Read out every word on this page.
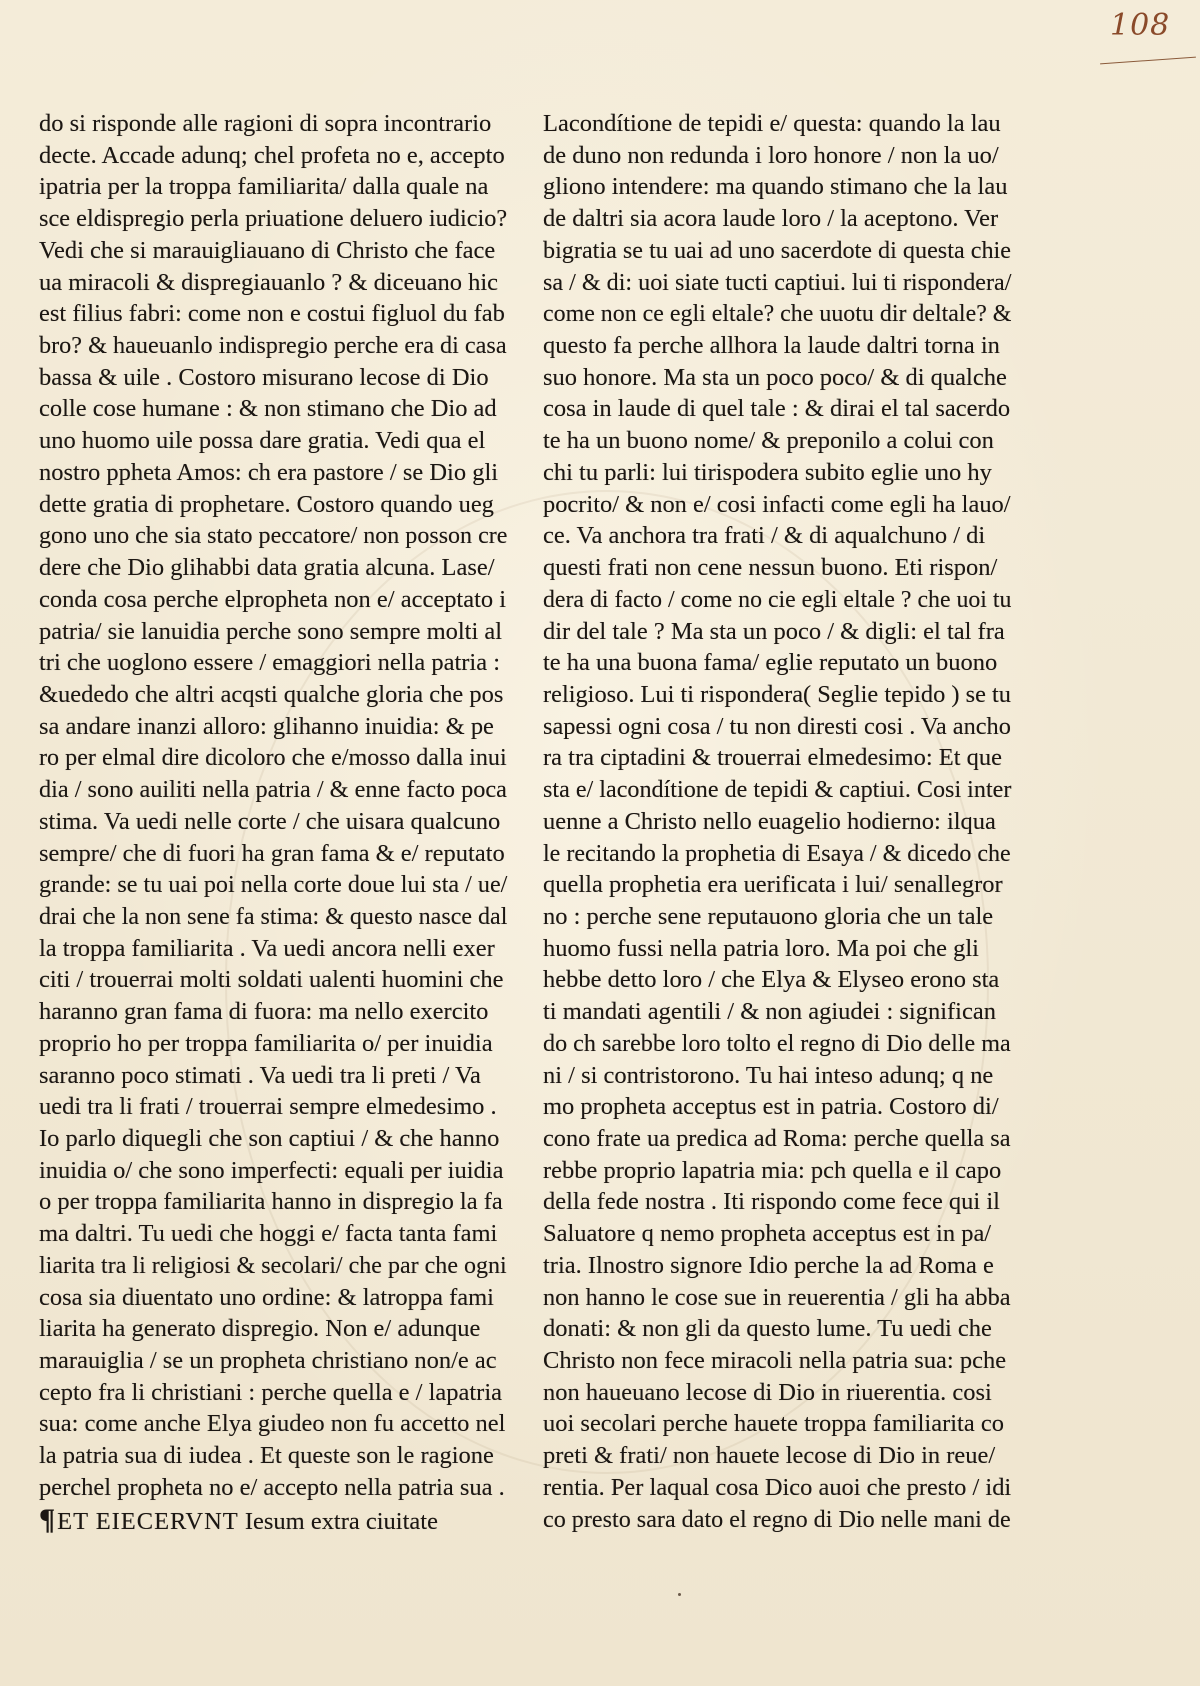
108
do si risponde alle ragioni di sopra incontrario
decte. Accade adunq; chel profeta no e, accepto
ipatria per la troppa familiarita/ dalla quale na
sce eldispregio perla priuatione deluero iudicio?
Vedi che si marauigliauano di Christo che face
ua miracoli & dispregiauanlo ? & diceuano hic
est filius fabri: come non e costui figluol du fab
bro? & haueuanlo indispregio perche era di casa
bassa & uile . Costoro misurano lecose di Dio
colle cose humane : & non stimano che Dio ad
uno huomo uile possa dare gratia. Vedi qua el
nostro ppheta Amos: ch era pastore / se Dio gli
dette gratia di prophetare. Costoro quando ueg
gono uno che sia stato peccatore/ non posson cre
dere che Dio glihabbi data gratia alcuna. Lase/
conda cosa perche elpropheta non e/ acceptato i
patria/ sie lanuidia perche sono sempre molti al
tri che uoglono essere / emaggiori nella patria :
&uededo che altri acqsti qualche gloria che pos
sa andare inanzi alloro: glihanno inuidia: & pe
ro per elmal dire dicoloro che e/mosso dalla inui
dia / sono auiliti nella patria / & enne facto poca
stima. Va uedi nelle corte / che uisara qualcuno
sempre/ che di fuori ha gran fama & e/ reputato
grande: se tu uai poi nella corte doue lui sta / ue/
drai che la non sene fa stima: & questo nasce dal
la troppa familiarita . Va uedi ancora nelli exer
citi / trouerrai molti soldati ualenti huomini che
haranno gran fama di fuora: ma nello exercito
proprio ho per troppa familiarita o/ per inuidia
saranno poco stimati . Va uedi tra li preti / Va
uedi tra li frati / trouerrai sempre elmedesimo .
Io parlo diquegli che son captiui / & che hanno
inuidia o/ che sono imperfecti: equali per iuidia
o per troppa familiarita hanno in dispregio la fa
ma daltri. Tu uedi che hoggi e/ facta tanta fami
liarita tra li religiosi & secolari/ che par che ogni
cosa sia diuentato uno ordine: & latroppa fami
liarita ha generato dispregio. Non e/ adunque
marauiglia / se un propheta christiano non/e ac
cepto fra li christiani : perche quella e / lapatria
sua: come anche Elya giudeo non fu accetto nel
la patria sua di iudea . Et queste son le ragione
perchel propheta no e/ accepto nella patria sua .
¶ET EIECERVNT Iesum extra ciuitate
Lacondítione de tepidi e/ questa: quando la lau
de duno non redunda i loro honore / non la uo/
gliono intendere: ma quando stimano che la lau
de daltri sia acora laude loro / la aceptono. Ver
bigratia se tu uai ad uno sacerdote di questa chie
sa / & di: uoi siate tucti captiui. lui ti rispondera/
come non ce egli eltale? che uuotu dir deltale? &
questo fa perche allhora la laude daltri torna in
suo honore. Ma sta un poco poco/ & di qualche
cosa in laude di quel tale : & dirai el tal sacerdo
te ha un buono nome/ & preponilo a colui con
chi tu parli: lui tirispodera subito eglie uno hy
pocrito/ & non e/ cosi infacti come egli ha lauo/
ce. Va anchora tra frati / & di aqualchuno / di
questi frati non cene nessun buono. Eti rispon/
dera di facto / come no cie egli eltale ? che uoi tu
dir del tale ? Ma sta un poco / & digli: el tal fra
te ha una buona fama/ eglie reputato un buono
religioso. Lui ti rispondera( Seglie tepido ) se tu
sapessi ogni cosa / tu non diresti cosi . Va ancho
ra tra ciptadini & trouerrai elmedesimo: Et que
sta e/ lacondítione de tepidi & captiui. Cosi inter
uenne a Christo nello euagelio hodierno: ilqua
le recitando la prophetia di Esaya / & dicedo che
quella prophetia era uerificata i lui/ senallegror
no : perche sene reputauono gloria che un tale
huomo fussi nella patria loro. Ma poi che gli
hebbe detto loro / che Elya & Elyseo erono sta
ti mandati agentili / & non agiudei : significan
do ch sarebbe loro tolto el regno di Dio delle ma
ni / si contristorono. Tu hai inteso adunq; q ne
mo propheta acceptus est in patria. Costoro di/
cono frate ua predica ad Roma: perche quella sa
rebbe proprio lapatria mia: pch quella e il capo
della fede nostra . Iti rispondo come fece qui il
Saluatore q nemo propheta acceptus est in pa/
tria. Ilnostro signore Idio perche la ad Roma e
non hanno le cose sue in reuerentia / gli ha abba
donati: & non gli da questo lume. Tu uedi che
Christo non fece miracoli nella patria sua: pche
non haueuano lecose di Dio in riuerentia. cosi
uoi secolari perche hauete troppa familiarita co
preti & frati/ non hauete lecose di Dio in reue/
rentia. Per laqual cosa Dico auoi che presto / idi
co presto sara dato el regno di Dio nelle mani de
